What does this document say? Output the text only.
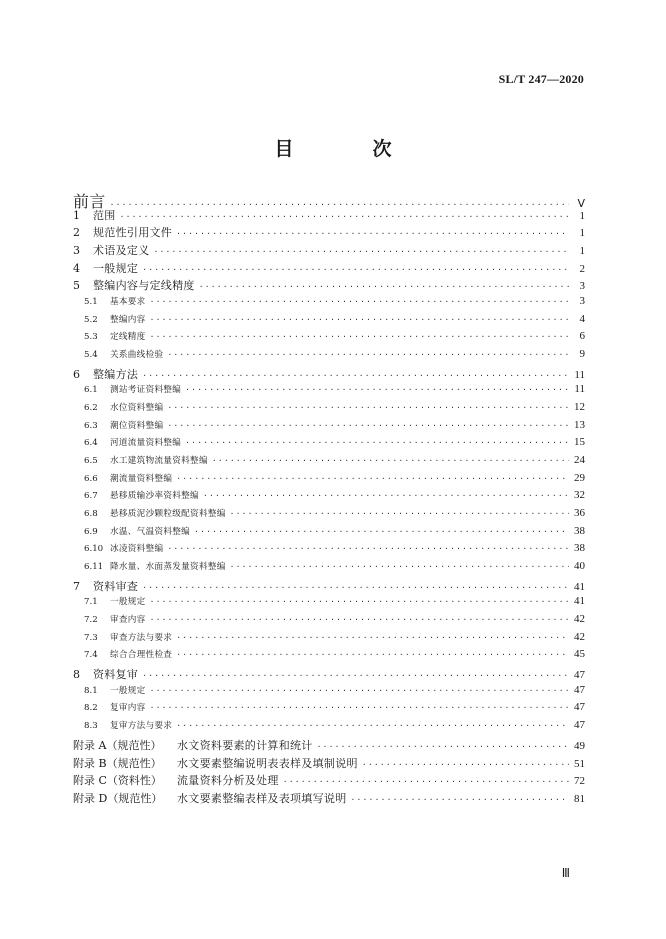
SL/T 247—2020
目　次
前言 ·····	Ⅴ
1	范围 ·····	1
2	规范性引用文件 ·····	1
3	术语及定义 ·····	1
4	一般规定 ·····	2
5	整编内容与定线精度 ·····	3
5.1	基本要求 ·····	3
5.2	整编内容 ·····	4
5.3	定线精度 ·····	6
5.4	关系曲线检验 ·····	9
6	整编方法 ·····	11
6.1	测站考证资料整编 ·····	11
6.2	水位资料整编 ·····	12
6.3	潮位资料整编 ·····	13
6.4	河道流量资料整编 ·····	15
6.5	水工建筑物流量资料整编 ·····	24
6.6	潮流量资料整编 ·····	29
6.7	悬移质输沙率资料整编 ·····	32
6.8	悬移质泥沙颗粒级配资料整编 ·····	36
6.9	水温、气温资料整编 ·····	38
6.10 冰凌资料整编 ·····	38
6.11 降水量、水面蒸发量资料整编 ·····	40
7	资料审查 ·····	41
7.1	一般规定 ·····	41
7.2	审查内容 ·····	42
7.3	审查方法与要求 ·····	42
7.4	综合合理性检查 ·····	45
8	资料复审 ·····	47
8.1	一般规定 ·····	47
8.2	复审内容 ·····	47
8.3	复审方法与要求 ·····	47
附录 A（规范性）	水文资料要素的计算和统计 ·····	49
附录 B（规范性）	水文要素整编说明表表样及填制说明 ·····	51
附录 C（资料性）	流量资料分析及处理 ·····	72
附录 D（规范性）	水文要素整编表样及表项填写说明 ·····	81
Ⅲ
